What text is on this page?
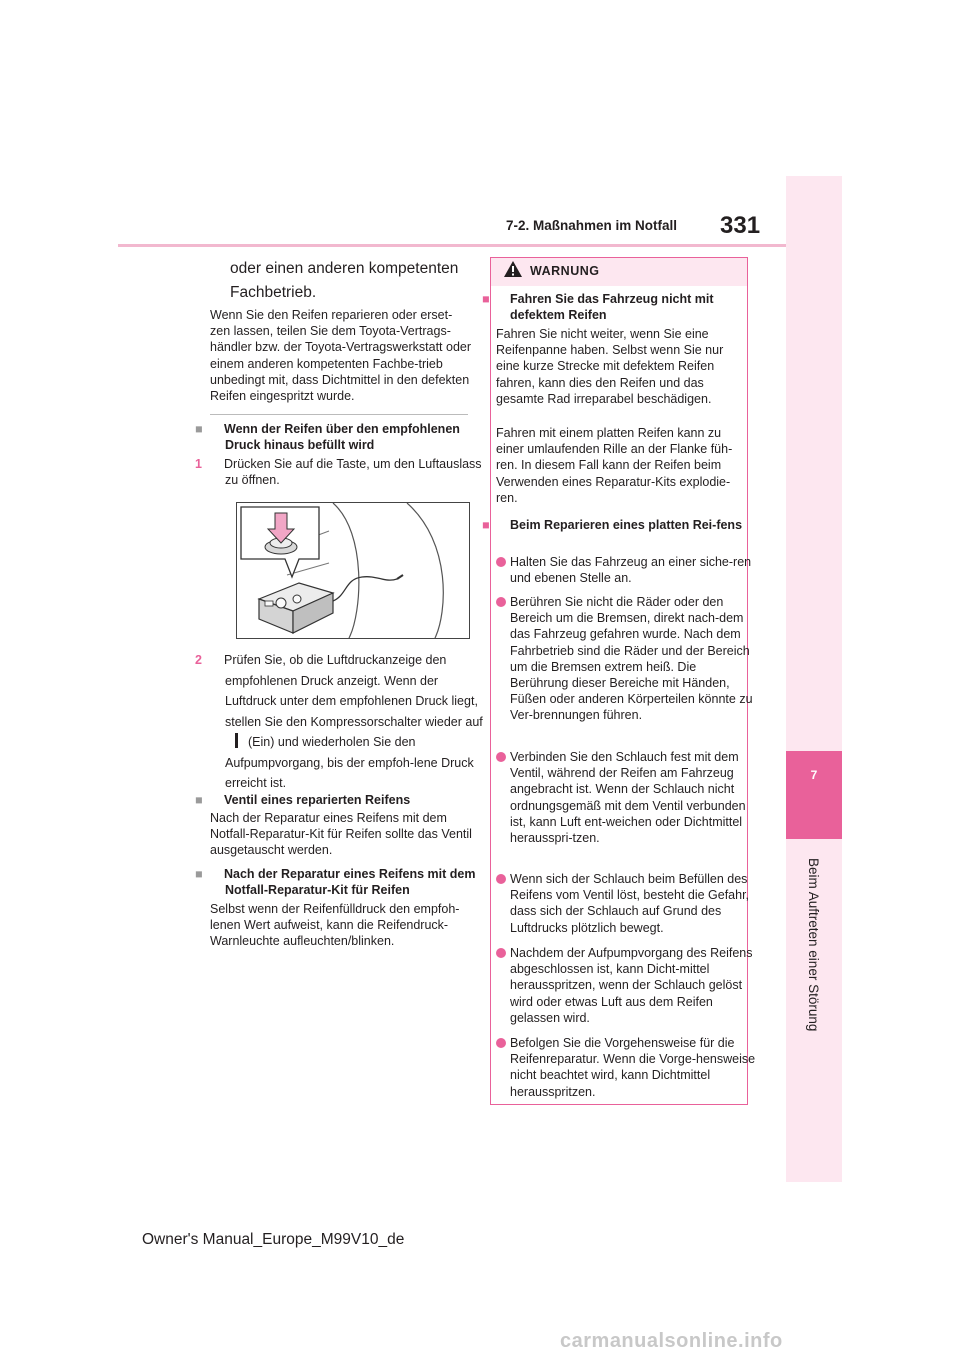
7-2. Maßnahmen im Notfall 331
7
Beim Auftreten einer Störung
oder einen anderen kompetenten
Fachbetrieb.
Wenn Sie den Reifen reparieren oder erset-zen lassen, teilen Sie dem Toyota-Vertrags-händler bzw. der Toyota-Vertragswerkstatt oder einem anderen kompetenten Fachbe-trieb unbedingt mit, dass Dichtmittel in den defekten Reifen eingespritzt wurde.
■ Wenn der Reifen über den empfohlenen Druck hinaus befüllt wird
1 Drücken Sie auf die Taste, um den Luftauslass zu öffnen.
2 Prüfen Sie, ob die Luftdruckanzeige den empfohlenen Druck anzeigt. Wenn der Luftdruck unter dem empfohlenen Druck liegt, stellen Sie den Kompressorschalter wieder auf(Ein) und wiederholen Sie den Aufpumpvorgang, bis der empfoh-lene Druck erreicht ist.
■ Ventil eines reparierten Reifens
Nach der Reparatur eines Reifens mit dem Notfall-Reparatur-Kit für Reifen sollte das Ventil ausgetauscht werden.
■ Nach der Reparatur eines Reifens mit dem Notfall-Reparatur-Kit für Reifen
Selbst wenn der Reifenfülldruck den empfoh-lenen Wert aufweist, kann die Reifendruck-Warnleuchte aufleuchten/blinken.
WARNUNG
■ Fahren Sie das Fahrzeug nicht mit defektem Reifen
Fahren Sie nicht weiter, wenn Sie eine Reifenpanne haben. Selbst wenn Sie nur eine kurze Strecke mit defektem Reifen fahren, kann dies den Reifen und das gesamte Rad irreparabel beschädigen.
Fahren mit einem platten Reifen kann zu einer umlaufenden Rille an der Flanke füh-ren. In diesem Fall kann der Reifen beim Verwenden eines Reparatur-Kits explodie-ren.
■ Beim Reparieren eines platten Rei-fens
Halten Sie das Fahrzeug an einer siche-ren und ebenen Stelle an.
Berühren Sie nicht die Räder oder den Bereich um die Bremsen, direkt nach-dem das Fahrzeug gefahren wurde. Nach dem Fahrbetrieb sind die Räder und der Bereich um die Bremsen extrem heiß. Die Berührung dieser Bereiche mit Händen, Füßen oder anderen Körperteilen könnte zu Ver-brennungen führen.
Verbinden Sie den Schlauch fest mit dem Ventil, während der Reifen am Fahrzeug angebracht ist. Wenn der Schlauch nicht ordnungsgemäß mit dem Ventil verbunden ist, kann Luft ent-weichen oder Dichtmittel herausspri-tzen.
Wenn sich der Schlauch beim Befüllen des Reifens vom Ventil löst, besteht die Gefahr, dass sich der Schlauch auf Grund des Luftdrucks plötzlich bewegt.
Nachdem der Aufpumpvorgang des Reifens abgeschlossen ist, kann Dicht-mittel herausspritzen, wenn der Schlauch gelöst wird oder etwas Luft aus dem Reifen gelassen wird.
Befolgen Sie die Vorgehensweise für die Reifenreparatur. Wenn die Vorge-hensweise nicht beachtet wird, kann Dichtmittel herausspritzen.
Owner's Manual_Europe_M99V10_de
carmanualsonline.info
